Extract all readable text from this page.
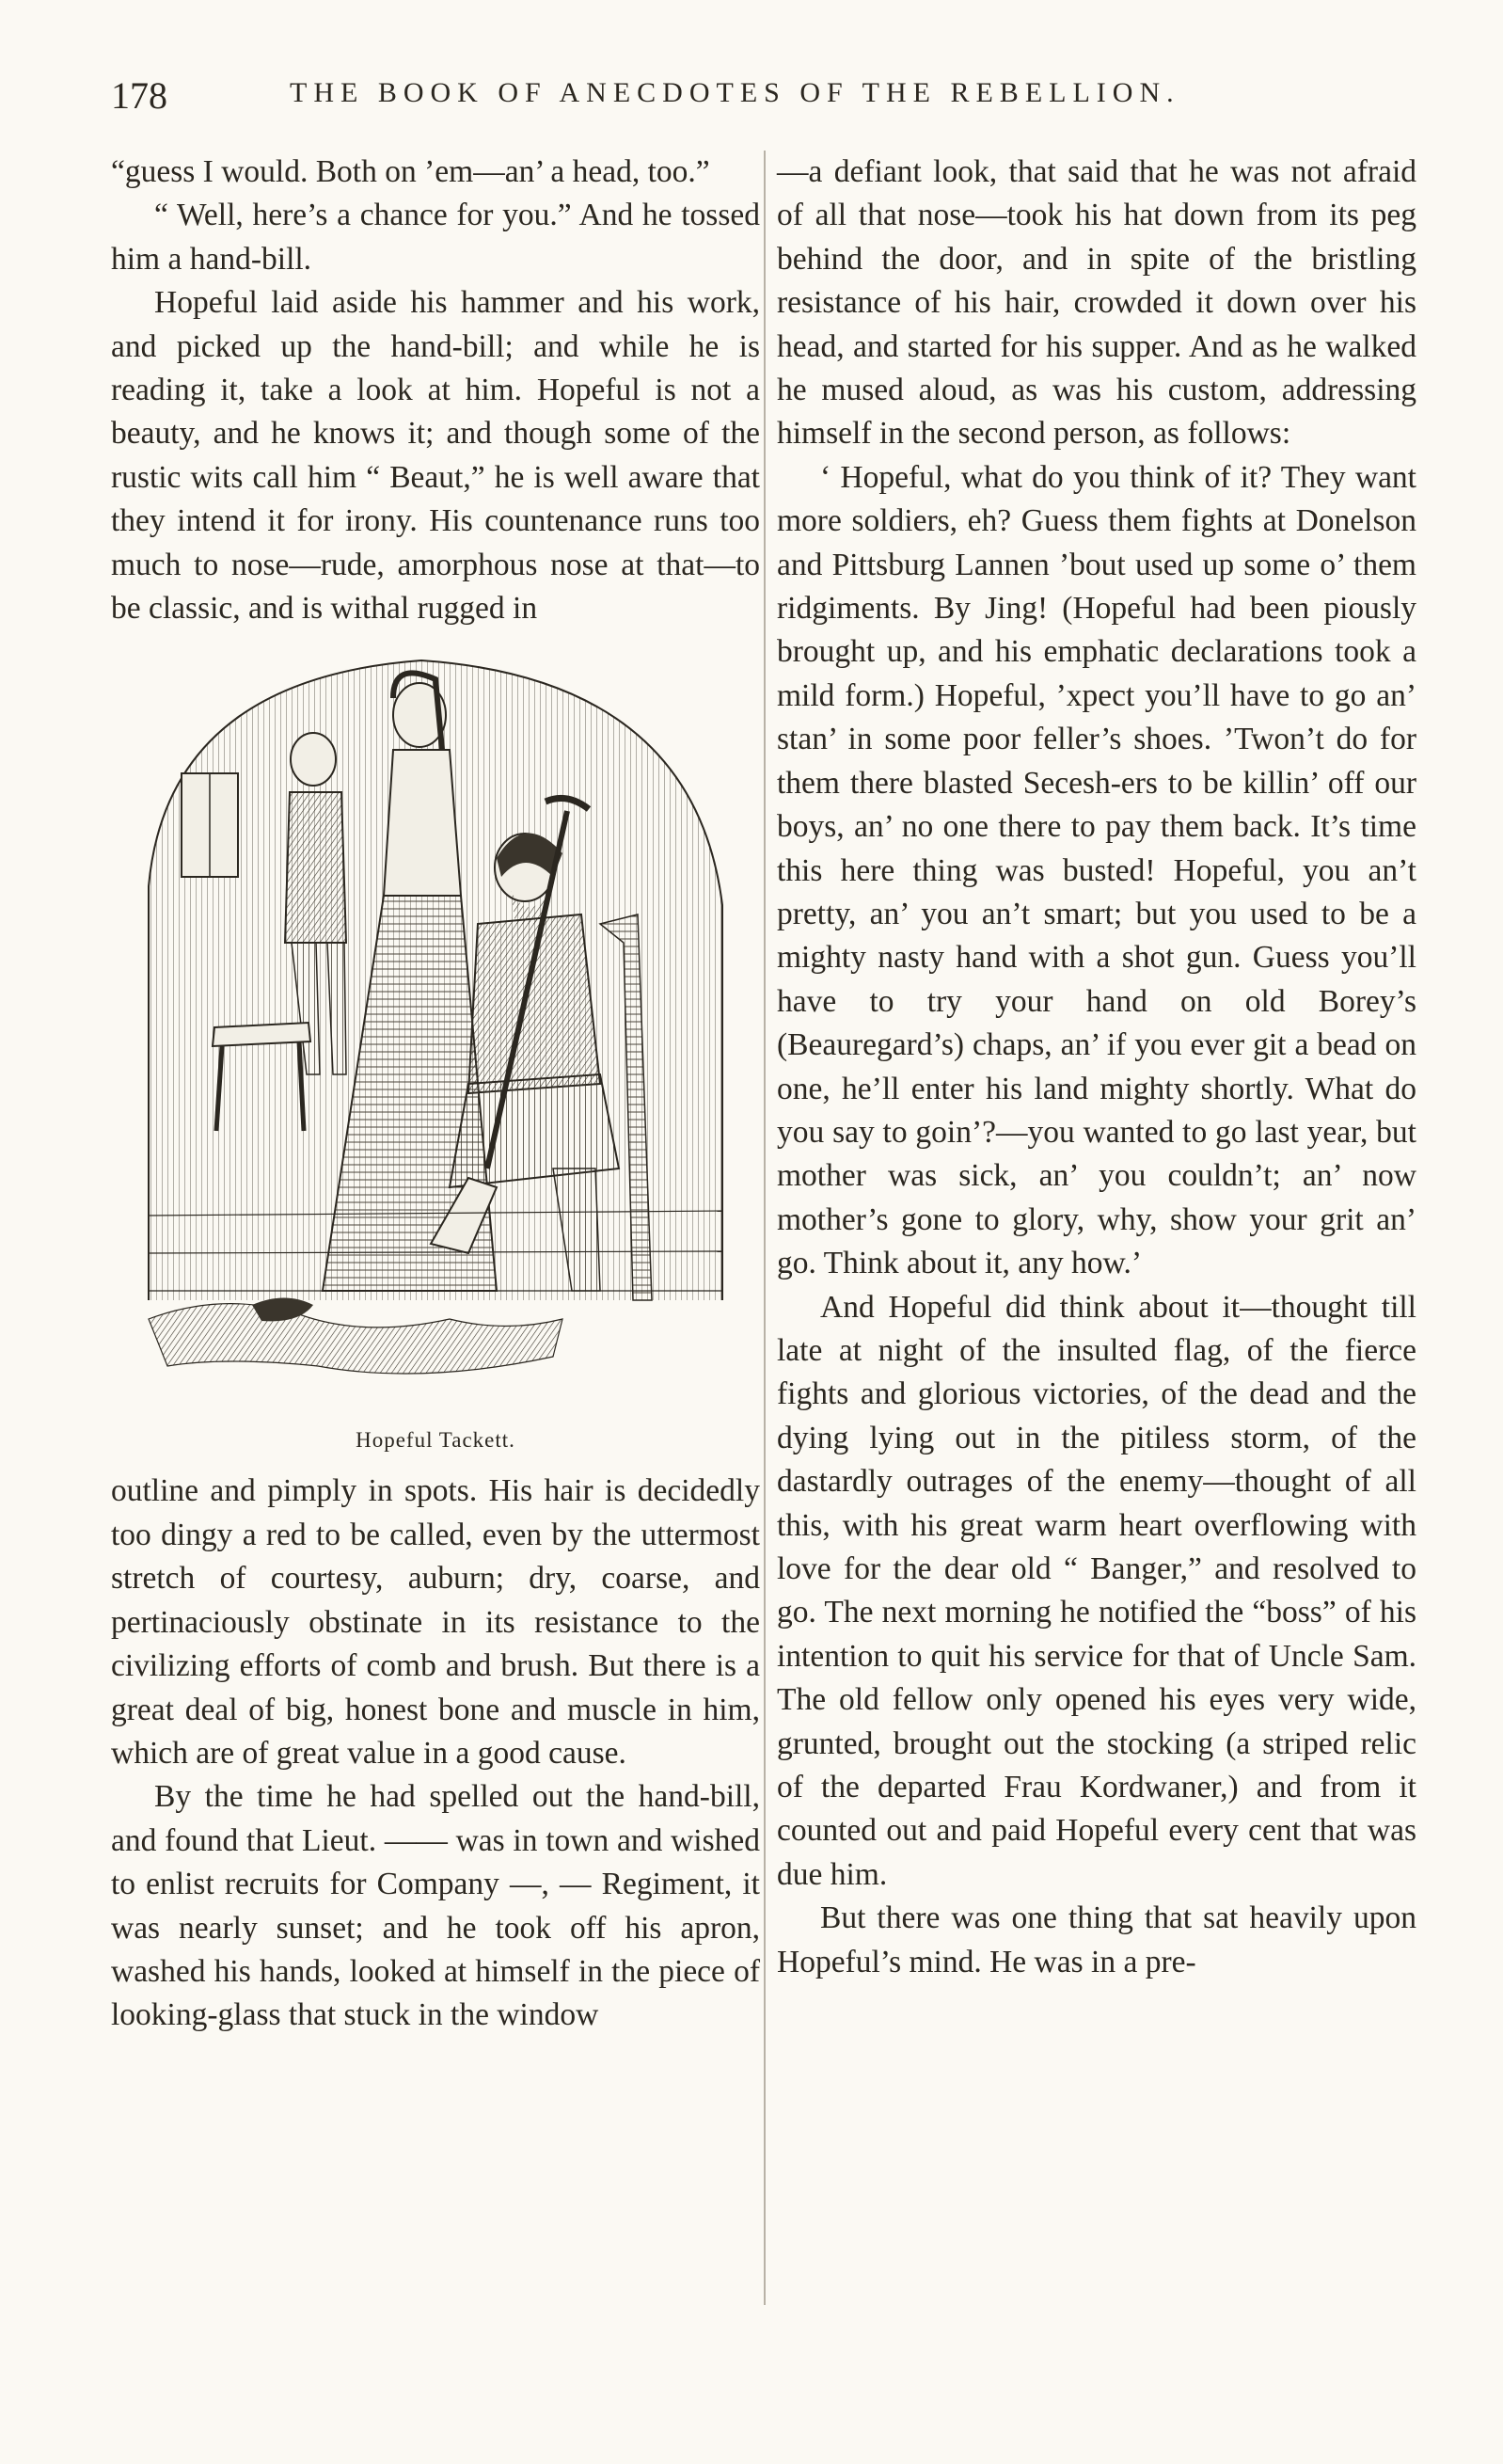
178	THE BOOK OF ANECDOTES OF THE REBELLION.

“guess I would. Both on ’em—an’ a head, too.”

“ Well, here’s a chance for you.” And he tossed him a hand-bill.

Hopeful laid aside his hammer and his work, and picked up the hand-bill; and while he is reading it, take a look at him. Hopeful is not a beauty, and he knows it; and though some of the rustic wits call him “ Beaut,” he is well aware that they intend it for irony. His countenance runs too much to nose—rude, amorphous nose at that—to be classic, and is withal rugged in

Hopeful Tackett.

outline and pimply in spots. His hair is decidedly too dingy a red to be called, even by the uttermost stretch of courtesy, auburn; dry, coarse, and pertinaciously obstinate in its resistance to the civilizing efforts of comb and brush. But there is a great deal of big, honest bone and muscle in him, which are of great value in a good cause.

By the time he had spelled out the hand-bill, and found that Lieut. —— was in town and wished to enlist recruits for Company —, — Regiment, it was nearly sunset; and he took off his apron, washed his hands, looked at himself in the piece of looking-glass that stuck in the window

—a defiant look, that said that he was not afraid of all that nose—took his hat down from its peg behind the door, and in spite of the bristling resistance of his hair, crowded it down over his head, and started for his supper. And as he walked he mused aloud, as was his custom, addressing himself in the second person, as follows:

‘ Hopeful, what do you think of it? They want more soldiers, eh? Guess them fights at Donelson and Pittsburg Lannen ’bout used up some o’ them ridgiments. By Jing! (Hopeful had been piously brought up, and his emphatic declarations took a mild form.) Hopeful, ’xpect you’ll have to go an’ stan’ in some poor feller’s shoes. ’Twon’t do for them there blasted Secesh-ers to be killin’ off our boys, an’ no one there to pay them back. It’s time this here thing was busted! Hopeful, you an’t pretty, an’ you an’t smart; but you used to be a mighty nasty hand with a shot gun. Guess you’ll have to try your hand on old Borey’s (Beauregard’s) chaps, an’ if you ever git a bead on one, he’ll enter his land mighty shortly. What do you say to goin’?—you wanted to go last year, but mother was sick, an’ you couldn’t; an’ now mother’s gone to glory, why, show your grit an’ go. Think about it, any how.’

And Hopeful did think about it—thought till late at night of the insulted flag, of the fierce fights and glorious victories, of the dead and the dying lying out in the pitiless storm, of the dastardly outrages of the enemy—thought of all this, with his great warm heart overflowing with love for the dear old “ Banger,” and resolved to go. The next morning he notified the “boss” of his intention to quit his service for that of Uncle Sam. The old fellow only opened his eyes very wide, grunted, brought out the stocking (a striped relic of the departed Frau Kordwaner,) and from it counted out and paid Hopeful every cent that was due him.

But there was one thing that sat heavily upon Hopeful’s mind. He was in a pre-
